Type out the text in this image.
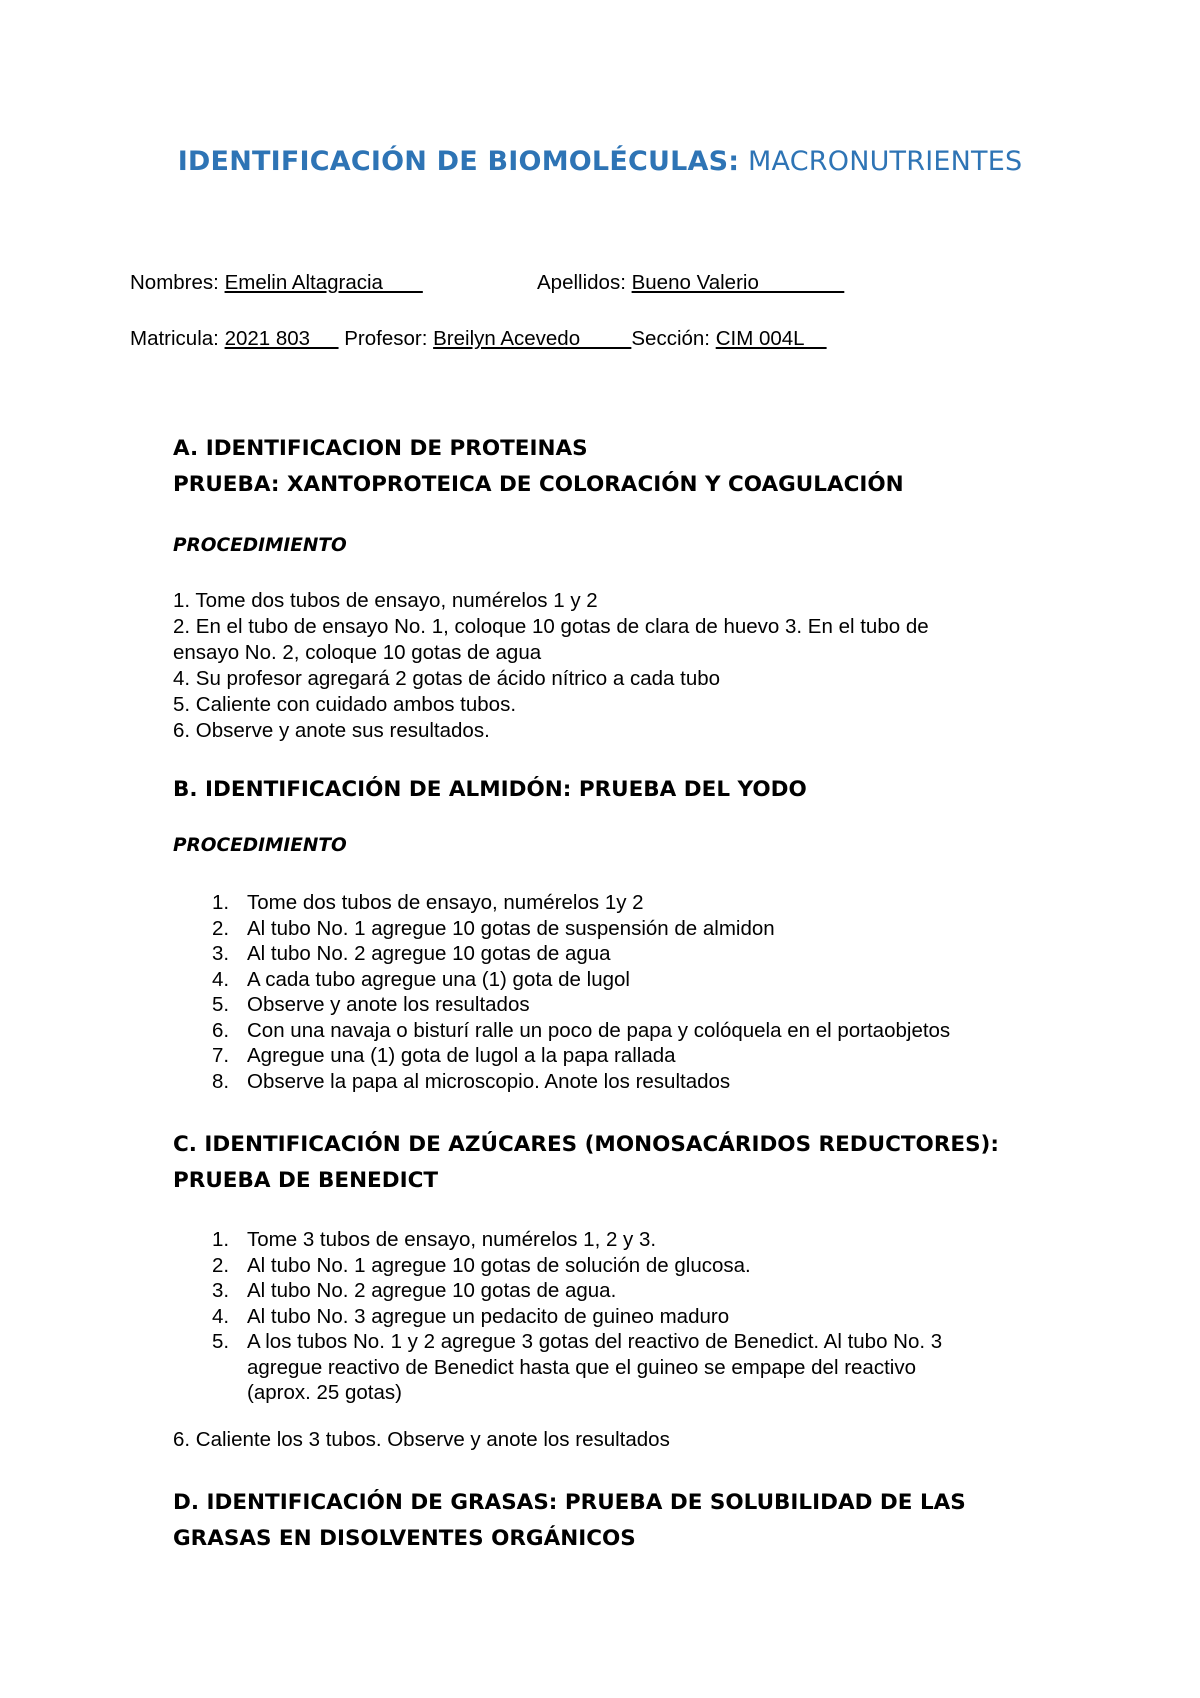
IDENTIFICACIÓN DE BIOMOLÉCULAS: MACRONUTRIENTES
Nombres: Emelin Altagracia	Apellidos: Bueno Valerio
Matricula: 2021 803      Profesor: Breilyn Acevedo         Sección: CIM 004L
A. IDENTIFICACION DE PROTEINAS
PRUEBA: XANTOPROTEICA DE COLORACIÓN Y COAGULACIÓN
PROCEDIMIENTO

1. Tome dos tubos de ensayo, numérelos 1 y 2

2. En el tubo de ensayo No. 1, coloque 10 gotas de clara de huevo 3. En el tubo de

ensayo No. 2, coloque 10 gotas de agua

4. Su profesor agregará 2 gotas de ácido nítrico a cada tubo

5. Caliente con cuidado ambos tubos.

6. Observe y anote sus resultados.

B. IDENTIFICACIÓN DE ALMIDÓN: PRUEBA DEL YODO
PROCEDIMIENTO
1. Tome dos tubos de ensayo, numérelos 1y 2
2. Al tubo No. 1 agregue 10 gotas de suspensión de almidon
3. Al tubo No. 2 agregue 10 gotas de agua
4. A cada tubo agregue una (1) gota de lugol
5. Observe y anote los resultados
6. Con una navaja o bisturí ralle un poco de papa y colóquela en el portaobjetos
7. Agregue una (1) gota de lugol a la papa rallada
8. Observe la papa al microscopio. Anote los resultados
C. IDENTIFICACIÓN DE AZÚCARES (MONOSACÁRIDOS REDUCTORES):
PRUEBA DE BENEDICT
1. Tome 3 tubos de ensayo, numérelos 1, 2 y 3.
2. Al tubo No. 1 agregue 10 gotas de solución de glucosa.
3. Al tubo No. 2 agregue 10 gotas de agua.
4. Al tubo No. 3 agregue un pedacito de guineo maduro
5. A los tubos No. 1 y 2 agregue 3 gotas del reactivo de Benedict. Al tubo No. 3
agregue reactivo de Benedict hasta que el guineo se empape del reactivo
(aprox. 25 gotas)
6. Caliente los 3 tubos. Observe y anote los resultados
D. IDENTIFICACIÓN DE GRASAS: PRUEBA DE SOLUBILIDAD DE LAS
GRASAS EN DISOLVENTES ORGÁNICOS
